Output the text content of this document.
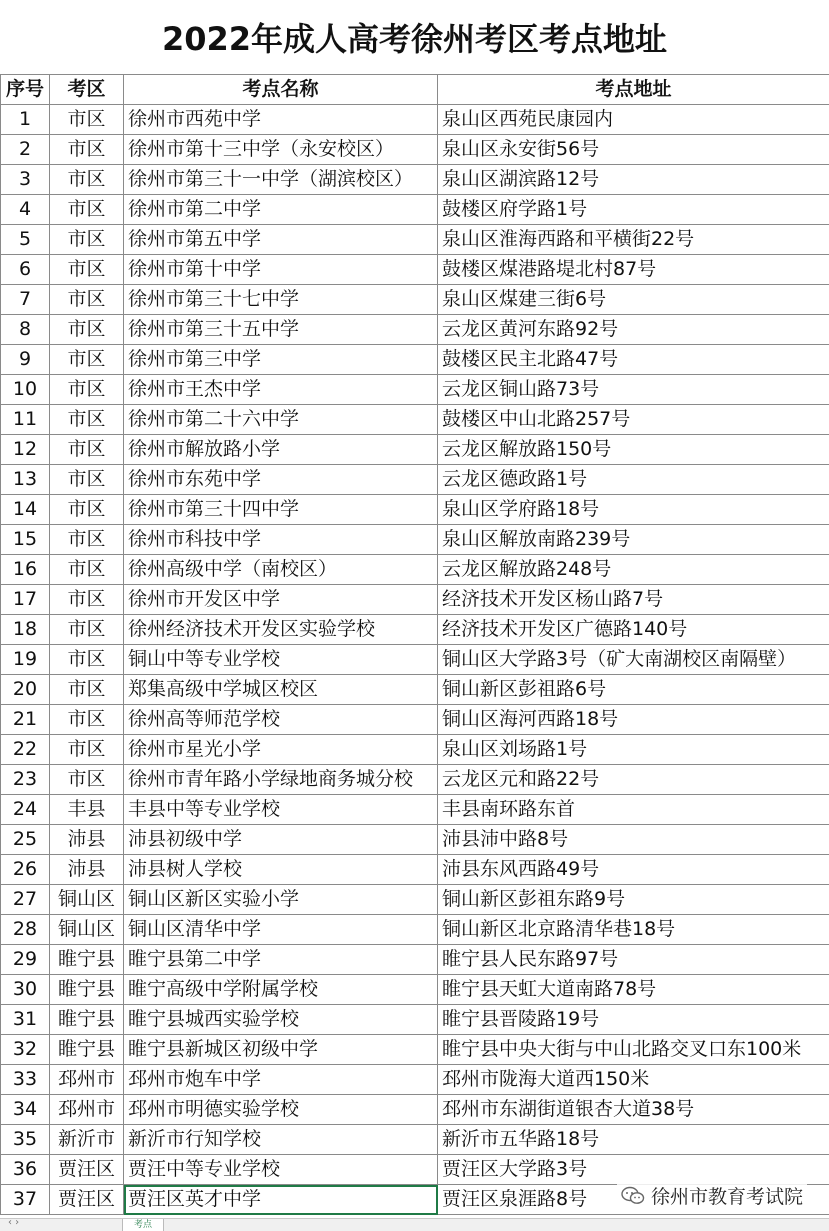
2022年成人高考徐州考区考点地址
序号	考区	考点名称	考点地址
1	市区	徐州市西苑中学	泉山区西苑民康园内
2	市区	徐州市第十三中学（永安校区）	泉山区永安街56号
3	市区	徐州市第三十一中学（湖滨校区）	泉山区湖滨路12号
4	市区	徐州市第二中学	鼓楼区府学路1号
5	市区	徐州市第五中学	泉山区淮海西路和平横街22号
6	市区	徐州市第十中学	鼓楼区煤港路堤北村87号
7	市区	徐州市第三十七中学	泉山区煤建三街6号
8	市区	徐州市第三十五中学	云龙区黄河东路92号
9	市区	徐州市第三中学	鼓楼区民主北路47号
10	市区	徐州市王杰中学	云龙区铜山路73号
11	市区	徐州市第二十六中学	鼓楼区中山北路257号
12	市区	徐州市解放路小学	云龙区解放路150号
13	市区	徐州市东苑中学	云龙区德政路1号
14	市区	徐州市第三十四中学	泉山区学府路18号
15	市区	徐州市科技中学	泉山区解放南路239号
16	市区	徐州高级中学（南校区）	云龙区解放路248号
17	市区	徐州市开发区中学	经济技术开发区杨山路7号
18	市区	徐州经济技术开发区实验学校	经济技术开发区广德路140号
19	市区	铜山中等专业学校	铜山区大学路3号（矿大南湖校区南隔壁）
20	市区	郑集高级中学城区校区	铜山新区彭祖路6号
21	市区	徐州高等师范学校	铜山区海河西路18号
22	市区	徐州市星光小学	泉山区刘场路1号
23	市区	徐州市青年路小学绿地商务城分校	云龙区元和路22号
24	丰县	丰县中等专业学校	丰县南环路东首
25	沛县	沛县初级中学	沛县沛中路8号
26	沛县	沛县树人学校	沛县东风西路49号
27	铜山区	铜山区新区实验小学	铜山新区彭祖东路9号
28	铜山区	铜山区清华中学	铜山新区北京路清华巷18号
29	睢宁县	睢宁县第二中学	睢宁县人民东路97号
30	睢宁县	睢宁高级中学附属学校	睢宁县天虹大道南路78号
31	睢宁县	睢宁县城西实验学校	睢宁县晋陵路19号
32	睢宁县	睢宁县新城区初级中学	睢宁县中央大街与中山北路交叉口东100米
33	邳州市	邳州市炮车中学	邳州市陇海大道西150米
34	邳州市	邳州市明德实验学校	邳州市东湖街道银杏大道38号
35	新沂市	新沂市行知学校	新沂市五华路18号
36	贾汪区	贾汪中等专业学校	贾汪区大学路3号
37	贾汪区	贾汪区英才中学	贾汪区泉涯路8号	徐州市教育考试院
‹ ›	考点
